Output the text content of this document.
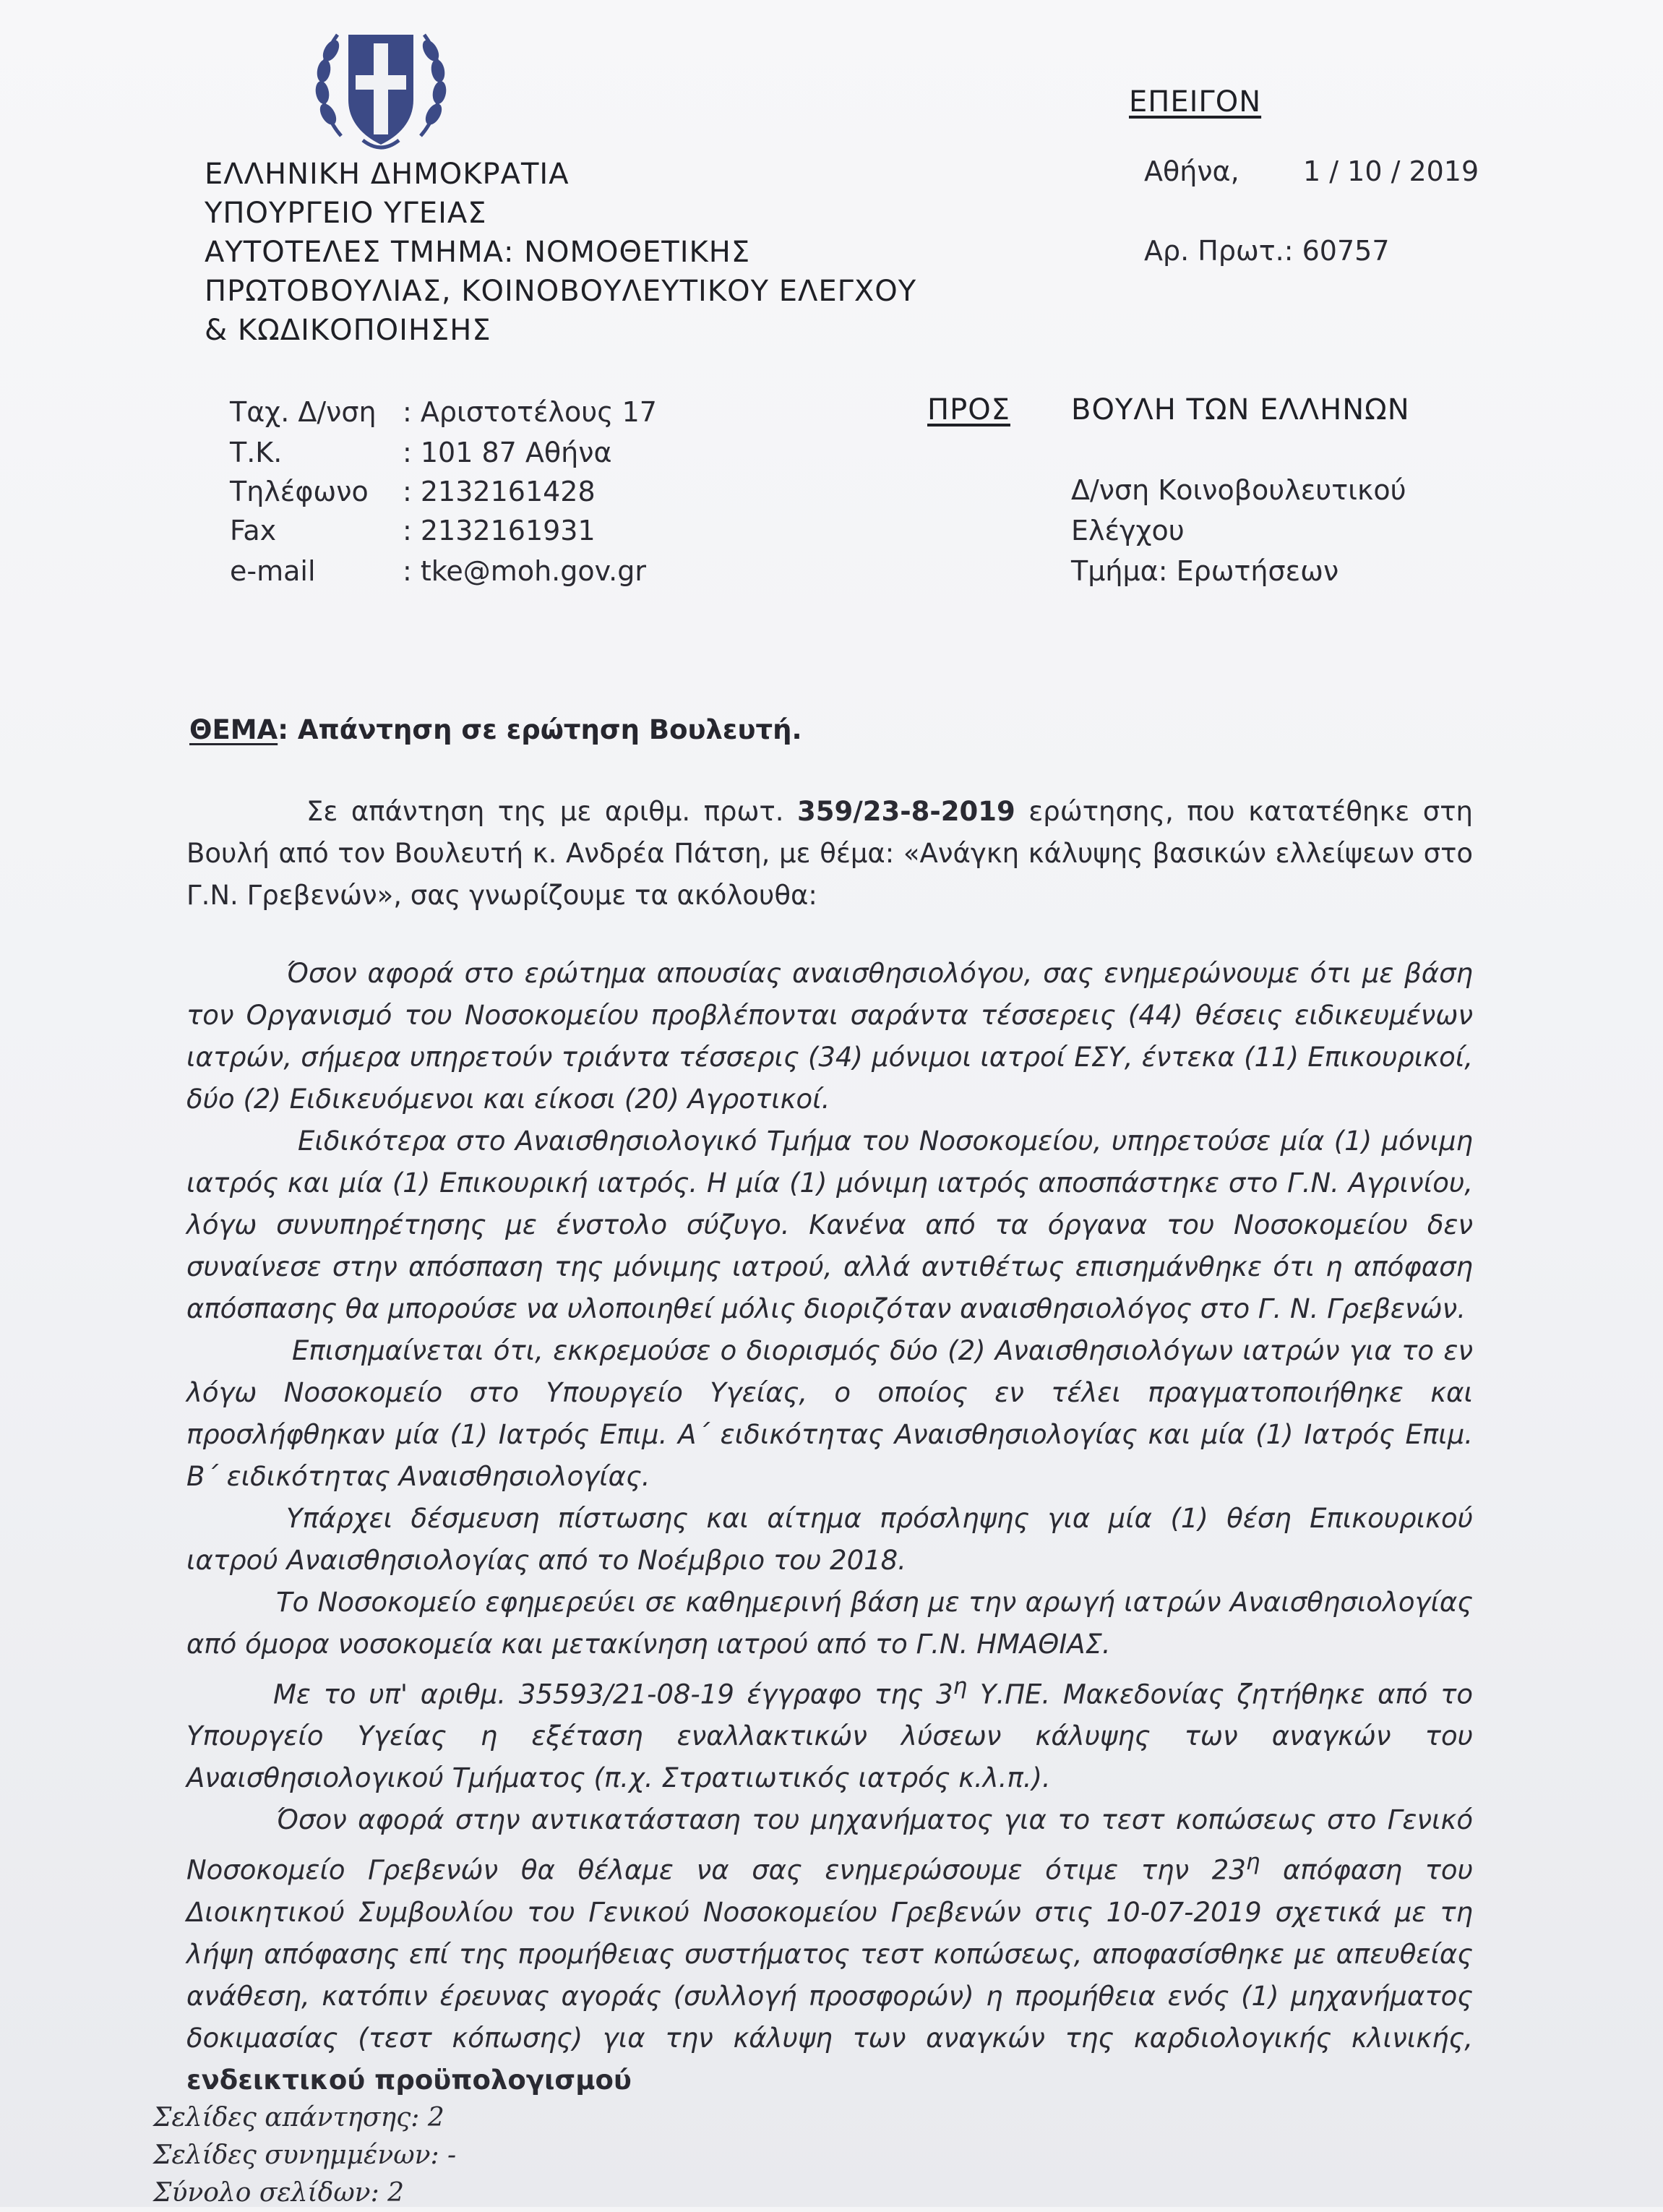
ΕΠΕΙΓΟΝ
Αθήνα, 1 / 10 / 2019
Αρ. Πρωτ.: 60757
ΕΛΛΗΝΙΚΗ ΔΗΜΟΚΡΑΤΙΑ
ΥΠΟΥΡΓΕΙΟ ΥΓΕΙΑΣ
ΑΥΤΟΤΕΛΕΣ ΤΜΗΜΑ: ΝΟΜΟΘΕΤΙΚΗΣ
ΠΡΩΤΟΒΟΥΛΙΑΣ, ΚΟΙΝΟΒΟΥΛΕΥΤΙΚΟΥ ΕΛΕΓΧΟΥ
& ΚΩΔΙΚΟΠΟΙΗΣΗΣ
Ταχ. Δ/νση : Αριστοτέλους 17
Τ.Κ.	: 101 87 Αθήνα
Τηλέφωνο : 2132161428
Fax	: 2132161931
e-mail	: tke@moh.gov.gr
ΠΡΟΣ ΒΟΥΛΗ ΤΩΝ ΕΛΛΗΝΩΝ
Δ/νση Κοινοβουλευτικού
Ελέγχου
Τμήμα: Ερωτήσεων
ΘΕΜΑ: Απάντηση σε ερώτηση Βουλευτή.

Σε απάντηση της με αριθμ. πρωτ. 359/23-8-2019 ερώτησης, που κατατέθηκε στη Βουλή από τον Βουλευτή κ. Ανδρέα Πάτση, με θέμα: «Ανάγκη κάλυψης βασικών ελλείψεων στο Γ.Ν. Γρεβενών», σας γνωρίζουμε τα ακόλουθα:

Όσον αφορά στο ερώτημα απουσίας αναισθησιολόγου, σας ενημερώνουμε ότι με βάση τον Οργανισμό του Νοσοκομείου προβλέπονται σαράντα τέσσερεις (44) θέσεις ειδικευμένων ιατρών, σήμερα υπηρετούν τριάντα τέσσερις (34) μόνιμοι ιατροί ΕΣΥ, έντεκα (11) Επικουρικοί, δύο (2) Ειδικευόμενοι και είκοσι (20) Αγροτικοί.

Ειδικότερα στο Αναισθησιολογικό Τμήμα του Νοσοκομείου, υπηρετούσε μία (1) μόνιμη ιατρός και μία (1) Επικουρική ιατρός. Η μία (1) μόνιμη ιατρός αποσπάστηκε στο Γ.Ν. Αγρινίου, λόγω συνυπηρέτησης με ένστολο σύζυγο. Κανένα από τα όργανα του Νοσοκομείου δεν συναίνεσε στην απόσπαση της μόνιμης ιατρού, αλλά αντιθέτως επισημάνθηκε ότι η απόφαση απόσπασης θα μπορούσε να υλοποιηθεί μόλις διοριζόταν αναισθησιολόγος στο Γ. Ν. Γρεβενών.

Επισημαίνεται ότι, εκκρεμούσε ο διορισμός δύο (2) Αναισθησιολόγων ιατρών για το εν λόγω Νοσοκομείο στο Υπουργείο Υγείας, ο οποίος εν τέλει πραγματοποιήθηκε και προσλήφθηκαν μία (1) Ιατρός Επιμ. Α΄ ειδικότητας Αναισθησιολογίας και μία (1) Ιατρός Επιμ. Β΄ ειδικότητας Αναισθησιολογίας.

Υπάρχει δέσμευση πίστωσης και αίτημα πρόσληψης για μία (1) θέση Επικουρικού ιατρού Αναισθησιολογίας από το Νοέμβριο του 2018.

Το Νοσοκομείο εφημερεύει σε καθημερινή βάση με την αρωγή ιατρών Αναισθησιολογίας από όμορα νοσοκομεία και μετακίνηση ιατρού από το Γ.Ν. ΗΜΑΘΙΑΣ.

Με το υπ' αριθμ. 35593/21-08-19 έγγραφο της $3^\eta$ Υ.ΠΕ. Μακεδονίας ζητήθηκε από το Υπουργείο Υγείας η εξέταση εναλλακτικών λύσεων κάλυψης των αναγκών του Αναισθησιολογικού Τμήματος (π.χ. Στρατιωτικός ιατρός κ.λ.π.).

Όσον αφορά στην αντικατάσταση του μηχανήματος για το τεστ κοπώσεως στο Γενικό Νοσοκομείο Γρεβενών θα θέλαμε να σας ενημερώσουμε ότιμε την $23^\eta$ απόφαση του Διοικητικού Συμβουλίου του Γενικού Νοσοκομείου Γρεβενών στις 10-07-2019 σχετικά με τη λήψη απόφασης επί της προμήθειας συστήματος τεστ κοπώσεως, αποφασίσθηκε με απευθείας ανάθεση, κατόπιν έρευνας αγοράς (συλλογή προσφορών) η προμήθεια ενός (1) μηχανήματος δοκιμασίας (τεστ κόπωσης) για την κάλυψη των αναγκών της καρδιολογικής κλινικής, ενδεικτικού προϋπολογισμού

Σελίδες απάντησης: 2
Σελίδες συνημμένων: -
Σύνολο σελίδων: 2
